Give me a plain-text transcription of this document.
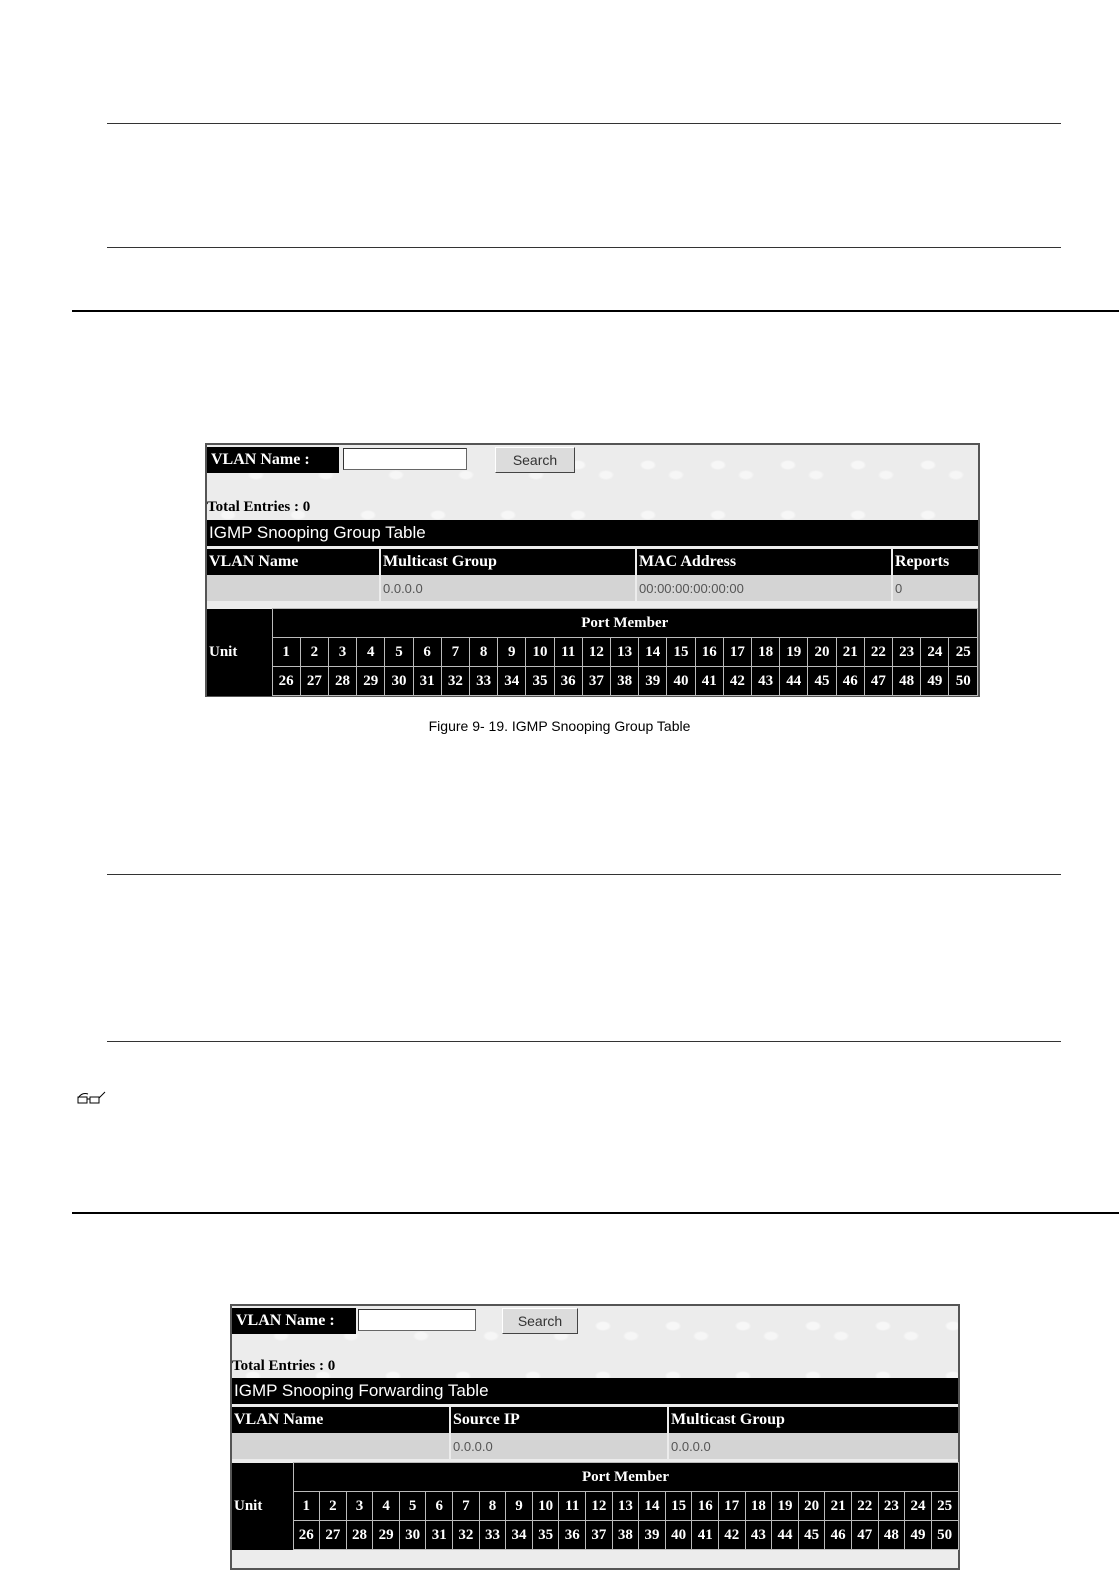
VLAN Name :	Search
Total Entries : 0
IGMP Snooping Group Table
VLAN Name	Multicast Group	MAC Address	Reports
	0.0.0.0	00:00:00:00:00:00	0
Unit	Port Member																								
	1	2	3	4	5	6	7	8	9	10	11	12	13	14	15	16	17	18	19	20	21	22	23	24	25
	26	27	28	29	30	31	32	33	34	35	36	37	38	39	40	41	42	43	44	45	46	47	48	49	50
Figure 9- 19. IGMP Snooping Group Table
VLAN Name :	Search
Total Entries : 0
IGMP Snooping Forwarding Table
VLAN Name	Source IP	Multicast Group
	0.0.0.0	0.0.0.0
Unit	Port Member																								
	1	2	3	4	5	6	7	8	9	10	11	12	13	14	15	16	17	18	19	20	21	22	23	24	25
	26	27	28	29	30	31	32	33	34	35	36	37	38	39	40	41	42	43	44	45	46	47	48	49	50
